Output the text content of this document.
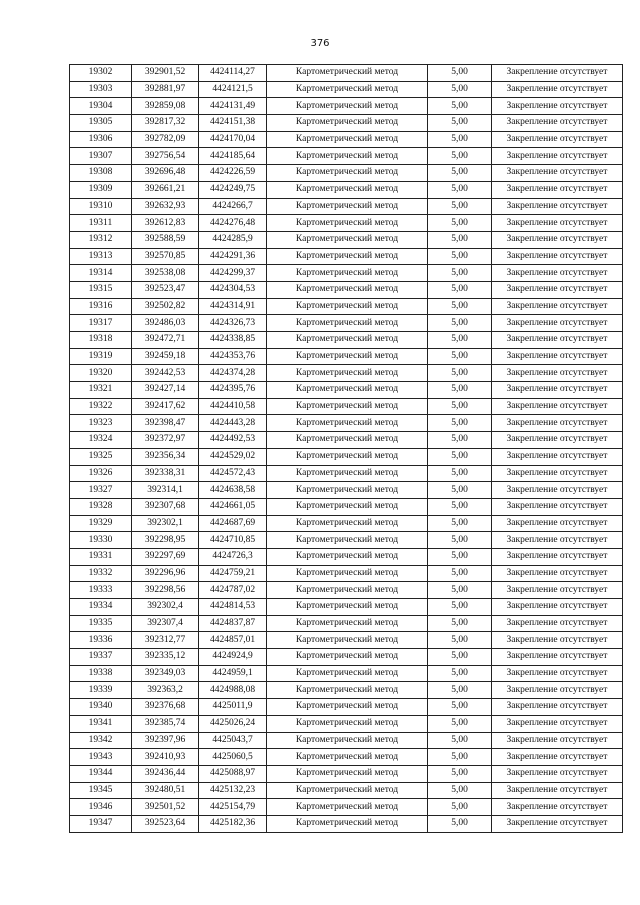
376
19302	392901,52	4424114,27	Картометрический метод	5,00	Закрепление отсутствует
19303	392881,97	4424121,5	Картометрический метод	5,00	Закрепление отсутствует
19304	392859,08	4424131,49	Картометрический метод	5,00	Закрепление отсутствует
19305	392817,32	4424151,38	Картометрический метод	5,00	Закрепление отсутствует
19306	392782,09	4424170,04	Картометрический метод	5,00	Закрепление отсутствует
19307	392756,54	4424185,64	Картометрический метод	5,00	Закрепление отсутствует
19308	392696,48	4424226,59	Картометрический метод	5,00	Закрепление отсутствует
19309	392661,21	4424249,75	Картометрический метод	5,00	Закрепление отсутствует
19310	392632,93	4424266,7	Картометрический метод	5,00	Закрепление отсутствует
19311	392612,83	4424276,48	Картометрический метод	5,00	Закрепление отсутствует
19312	392588,59	4424285,9	Картометрический метод	5,00	Закрепление отсутствует
19313	392570,85	4424291,36	Картометрический метод	5,00	Закрепление отсутствует
19314	392538,08	4424299,37	Картометрический метод	5,00	Закрепление отсутствует
19315	392523,47	4424304,53	Картометрический метод	5,00	Закрепление отсутствует
19316	392502,82	4424314,91	Картометрический метод	5,00	Закрепление отсутствует
19317	392486,03	4424326,73	Картометрический метод	5,00	Закрепление отсутствует
19318	392472,71	4424338,85	Картометрический метод	5,00	Закрепление отсутствует
19319	392459,18	4424353,76	Картометрический метод	5,00	Закрепление отсутствует
19320	392442,53	4424374,28	Картометрический метод	5,00	Закрепление отсутствует
19321	392427,14	4424395,76	Картометрический метод	5,00	Закрепление отсутствует
19322	392417,62	4424410,58	Картометрический метод	5,00	Закрепление отсутствует
19323	392398,47	4424443,28	Картометрический метод	5,00	Закрепление отсутствует
19324	392372,97	4424492,53	Картометрический метод	5,00	Закрепление отсутствует
19325	392356,34	4424529,02	Картометрический метод	5,00	Закрепление отсутствует
19326	392338,31	4424572,43	Картометрический метод	5,00	Закрепление отсутствует
19327	392314,1	4424638,58	Картометрический метод	5,00	Закрепление отсутствует
19328	392307,68	4424661,05	Картометрический метод	5,00	Закрепление отсутствует
19329	392302,1	4424687,69	Картометрический метод	5,00	Закрепление отсутствует
19330	392298,95	4424710,85	Картометрический метод	5,00	Закрепление отсутствует
19331	392297,69	4424726,3	Картометрический метод	5,00	Закрепление отсутствует
19332	392296,96	4424759,21	Картометрический метод	5,00	Закрепление отсутствует
19333	392298,56	4424787,02	Картометрический метод	5,00	Закрепление отсутствует
19334	392302,4	4424814,53	Картометрический метод	5,00	Закрепление отсутствует
19335	392307,4	4424837,87	Картометрический метод	5,00	Закрепление отсутствует
19336	392312,77	4424857,01	Картометрический метод	5,00	Закрепление отсутствует
19337	392335,12	4424924,9	Картометрический метод	5,00	Закрепление отсутствует
19338	392349,03	4424959,1	Картометрический метод	5,00	Закрепление отсутствует
19339	392363,2	4424988,08	Картометрический метод	5,00	Закрепление отсутствует
19340	392376,68	4425011,9	Картометрический метод	5,00	Закрепление отсутствует
19341	392385,74	4425026,24	Картометрический метод	5,00	Закрепление отсутствует
19342	392397,96	4425043,7	Картометрический метод	5,00	Закрепление отсутствует
19343	392410,93	4425060,5	Картометрический метод	5,00	Закрепление отсутствует
19344	392436,44	4425088,97	Картометрический метод	5,00	Закрепление отсутствует
19345	392480,51	4425132,23	Картометрический метод	5,00	Закрепление отсутствует
19346	392501,52	4425154,79	Картометрический метод	5,00	Закрепление отсутствует
19347	392523,64	4425182,36	Картометрический метод	5,00	Закрепление отсутствует
